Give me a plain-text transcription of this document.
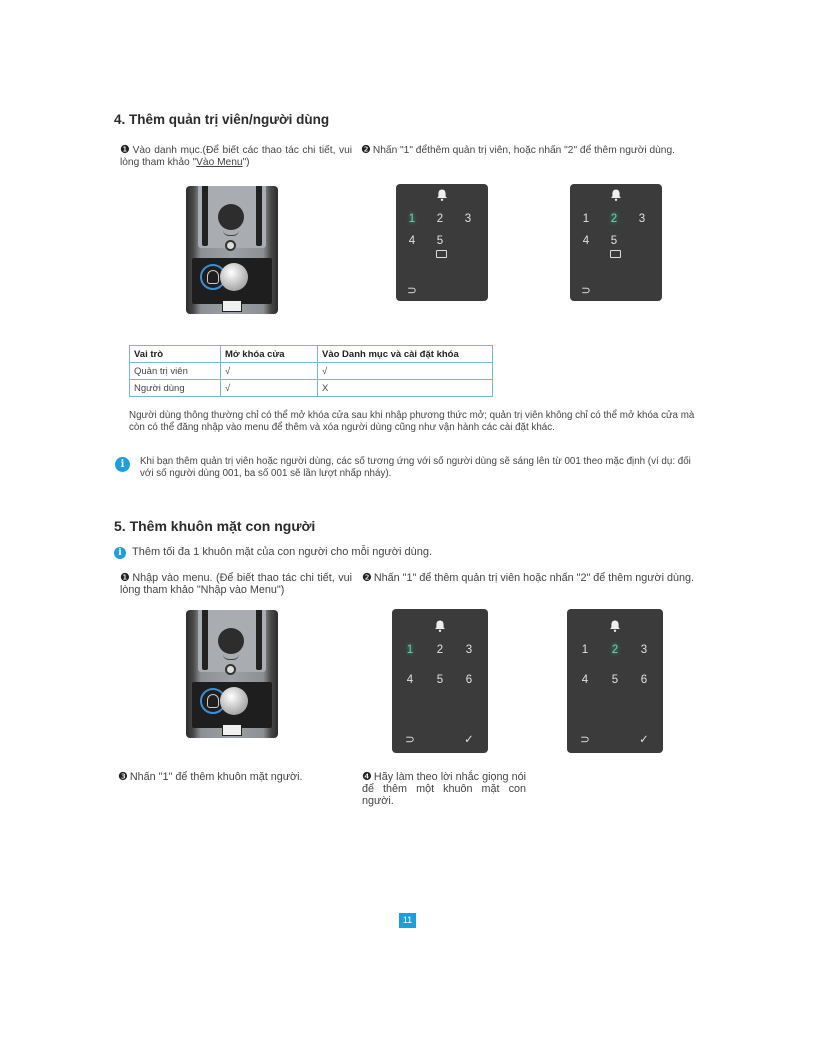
4. Thêm quản trị viên/người dùng
❶ Vào danh mục.(Để biết các thao tác chi tiết, vui lòng tham khảo "Vào Menu")
❷ Nhấn "1" đểthêm quản trị viên, hoặc nhấn "2" để thêm người dùng.
1 2 3
4 5
⊃
1 2 3
4 5
⊃
Vai trò	Mở khóa cửa	Vào Danh mục và cài đặt khóa
Quản trị viên	√	√
Người dùng	√	X
Người dùng thông thường chỉ có thể mở khóa cửa sau khi nhập phương thức mở; quản trị viên không chỉ có thể mở khóa cửa mà còn có thể đăng nhập vào menu để thêm và xóa người dùng cũng như vận hành các cài đặt khác.
i	Khi bạn thêm quản trị viên hoặc người dùng, các số tương ứng với số người dùng sẽ sáng lên từ 001 theo mặc định (ví dụ: đối với số người dùng 001, ba số 001 sẽ lần lượt nhấp nháy).
5. Thêm khuôn mặt con người
i Thêm tối đa 1 khuôn mặt của con người cho mỗi người dùng.
❶ Nhập vào menu. (Để biết thao tác chi tiết, vui lòng tham khảo "Nhập vào Menu")
❷ Nhấn "1" để thêm quản trị viên hoặc nhấn "2" để thêm người dùng.
1 2 3
4 5 6
⊃	✓
1 2 3
4 5 6
⊃	✓
❸ Nhấn "1" để thêm khuôn mặt người.	❹ Hãy làm theo lời nhắc giọng nói để thêm một khuôn mặt con người.
11
